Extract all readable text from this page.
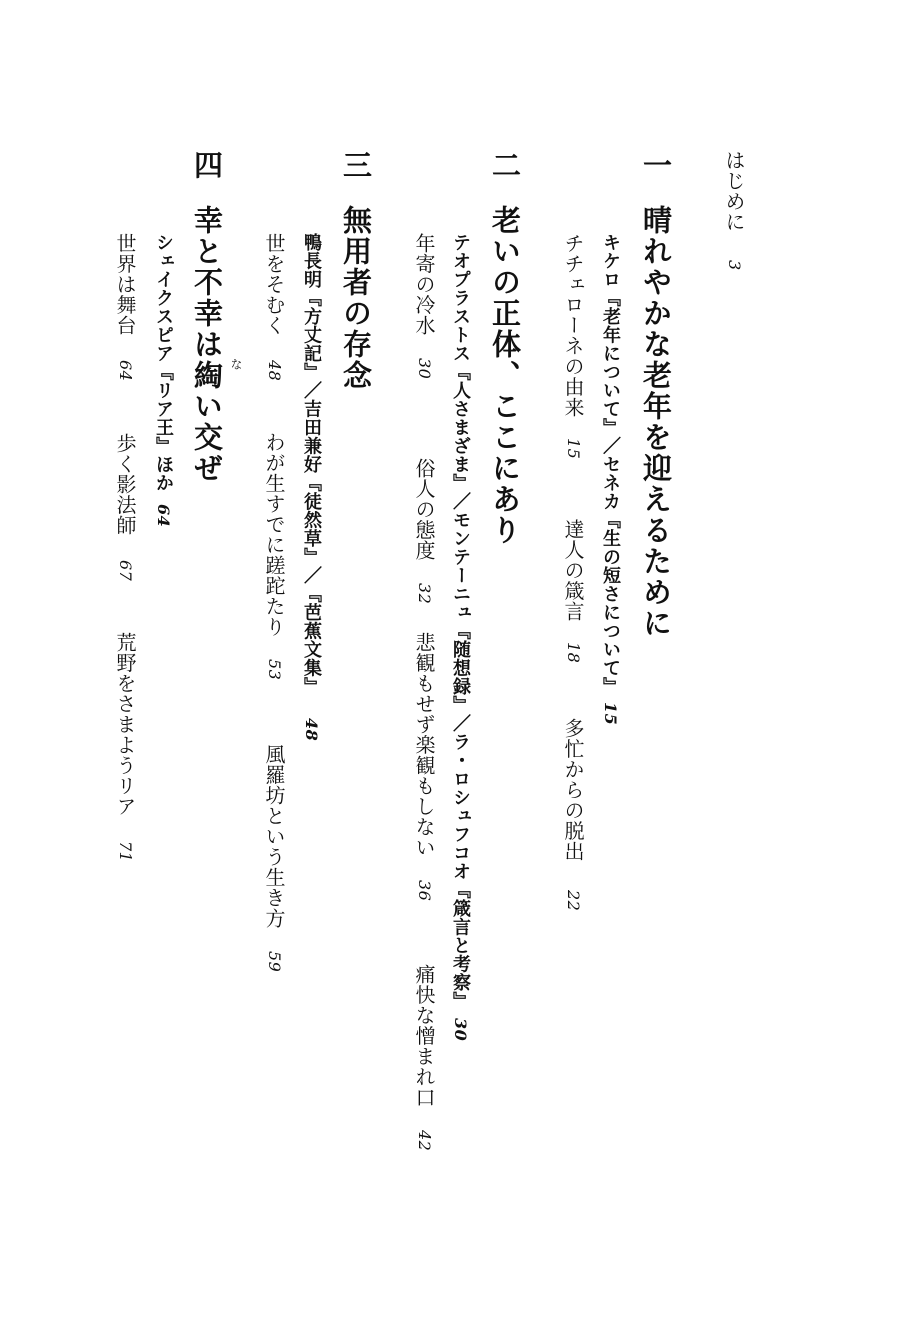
はじめに3
一
晴れやかな老年を迎えるために
キケロ『老年について』／セネカ『生の短さについて』15
チチェローネの由来15
達人の箴言18
多忙からの脱出22
二
老いの正体、ここにあり
テオプラストス『人さまざま』／モンテーニュ『随想録』／ラ・ロシュフコオ『箴言と考察』30
年寄の冷水30
俗人の態度32
悲観もせず楽観もしない36
痛快な憎まれ口42
三
無用者の存念
鴨長明『方丈記』／吉田兼好『徒然草』／『芭蕉文集』48
世をそむく48
わが生すでに蹉跎たり53
風羅坊という生き方59
四
幸と不幸は綯 な
い交ぜ
シェイクスピア『リア王』ほか64
世界は舞台64
歩く影法師67
荒野をさまようリア71
